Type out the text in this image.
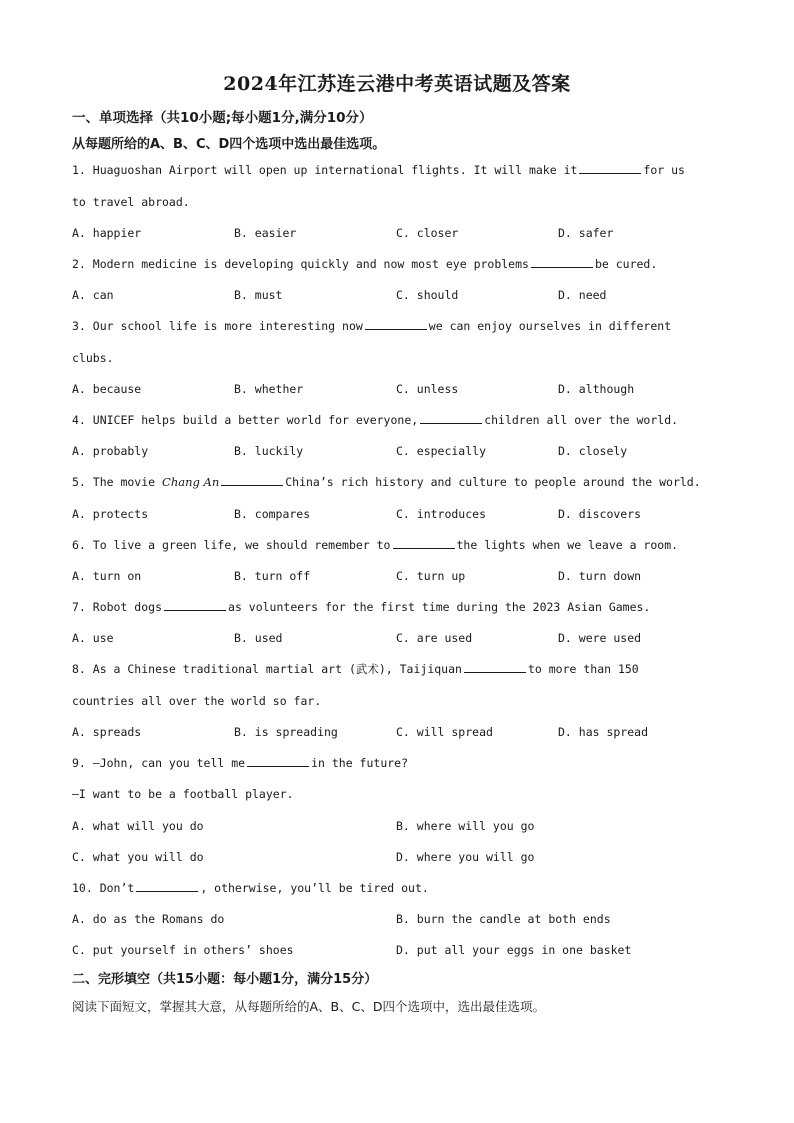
2024年江苏连云港中考英语试题及答案
一、单项选择（共10小题;每小题1分,满分10分）
从每题所给的A、B、C、D四个选项中选出最佳选项。
1. Huaguoshan Airport will open up international flights. It will make it	for us
to travel abroad.
A. happier	B. easier	C. closer	D. safer
2. Modern medicine is developing quickly and now most eye problems	be cured.
A. can	B. must	C. should	D. need
3. Our school life is more interesting now	we can enjoy ourselves in different
clubs.
A. because	B. whether	C. unless	D. although
4. UNICEF helps build a better world for everyone,	children all over the world.
A. probably	B. luckily	C. especially	D. closely
5. The movie Chang An	China’s rich history and culture to people around the world.
A. protects	B. compares	C. introduces	D. discovers
6. To live a green life, we should remember to	the lights when we leave a room.
A. turn on	B. turn off	C. turn up	D. turn down
7. Robot dogs	as volunteers for the first time during the 2023 Asian Games.
A. use	B. used	C. are used	D. were used
8. As a Chinese traditional martial art (武术), Taijiquan	to more than 150
countries all over the world so far.
A. spreads	B. is spreading	C. will spread	D. has spread
9. —John, can you tell me	in the future?
—I want to be a football player.
A. what will you do	B. where will you go
C. what you will do	D. where you will go
10. Don’t	, otherwise, you’ll be tired out.
A. do as the Romans do	B. burn the candle at both ends
C. put yourself in others’ shoes	D. put all your eggs in one basket
二、完形填空（共15小题：每小题1分，满分15分）
阅读下面短文，掌握其大意，从每题所给的A、B、C、D四个选项中，选出最佳选项。
